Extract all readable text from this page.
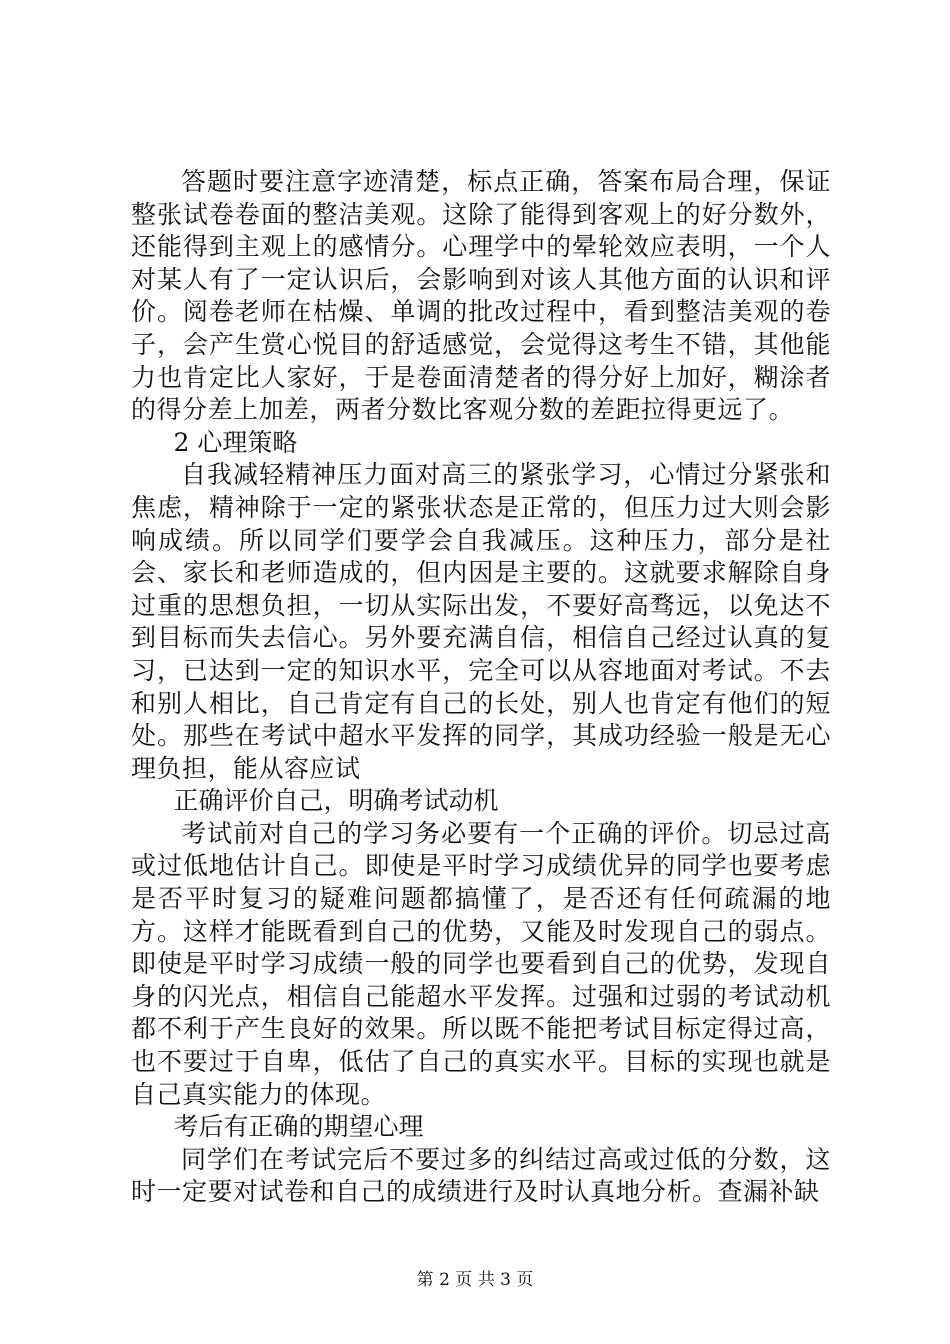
答题时要注意字迹清楚，标点正确，答案布局合理，保证整张试卷卷面的整洁美观。这除了能得到客观上的好分数外，还能得到主观上的感情分。心理学中的晕轮效应表明，一个人对某人有了一定认识后，会影响到对该人其他方面的认识和评价。阅卷老师在枯燥、单调的批改过程中，看到整洁美观的卷子，会产生赏心悦目的舒适感觉，会觉得这考生不错，其他能力也肯定比人家好，于是卷面清楚者的得分好上加好，糊涂者的得分差上加差，两者分数比客观分数的差距拉得更远了。

2 心理策略

自我减轻精神压力面对高三的紧张学习，心情过分紧张和焦虑，精神除于一定的紧张状态是正常的，但压力过大则会影响成绩。所以同学们要学会自我减压。这种压力，部分是社会、家长和老师造成的，但内因是主要的。这就要求解除自身过重的思想负担，一切从实际出发，不要好高骛远，以免达不到目标而失去信心。另外要充满自信，相信自己经过认真的复习，已达到一定的知识水平，完全可以从容地面对考试。不去和别人相比，自己肯定有自己的长处，别人也肯定有他们的短处。那些在考试中超水平发挥的同学，其成功经验一般是无心理负担，能从容应试

正确评价自己，明确考试动机

考试前对自己的学习务必要有一个正确的评价。切忌过高或过低地估计自己。即使是平时学习成绩优异的同学也要考虑是否平时复习的疑难问题都搞懂了，是否还有任何疏漏的地方。这样才能既看到自己的优势，又能及时发现自己的弱点。即使是平时学习成绩一般的同学也要看到自己的优势，发现自身的闪光点，相信自己能超水平发挥。过强和过弱的考试动机都不利于产生良好的效果。所以既不能把考试目标定得过高，也不要过于自卑，低估了自己的真实水平。目标的实现也就是自己真实能力的体现。

考后有正确的期望心理

同学们在考试完后不要过多的纠结过高或过低的分数，这时一定要对试卷和自己的成绩进行及时认真地分析。查漏补缺

第 2 页 共 3 页
